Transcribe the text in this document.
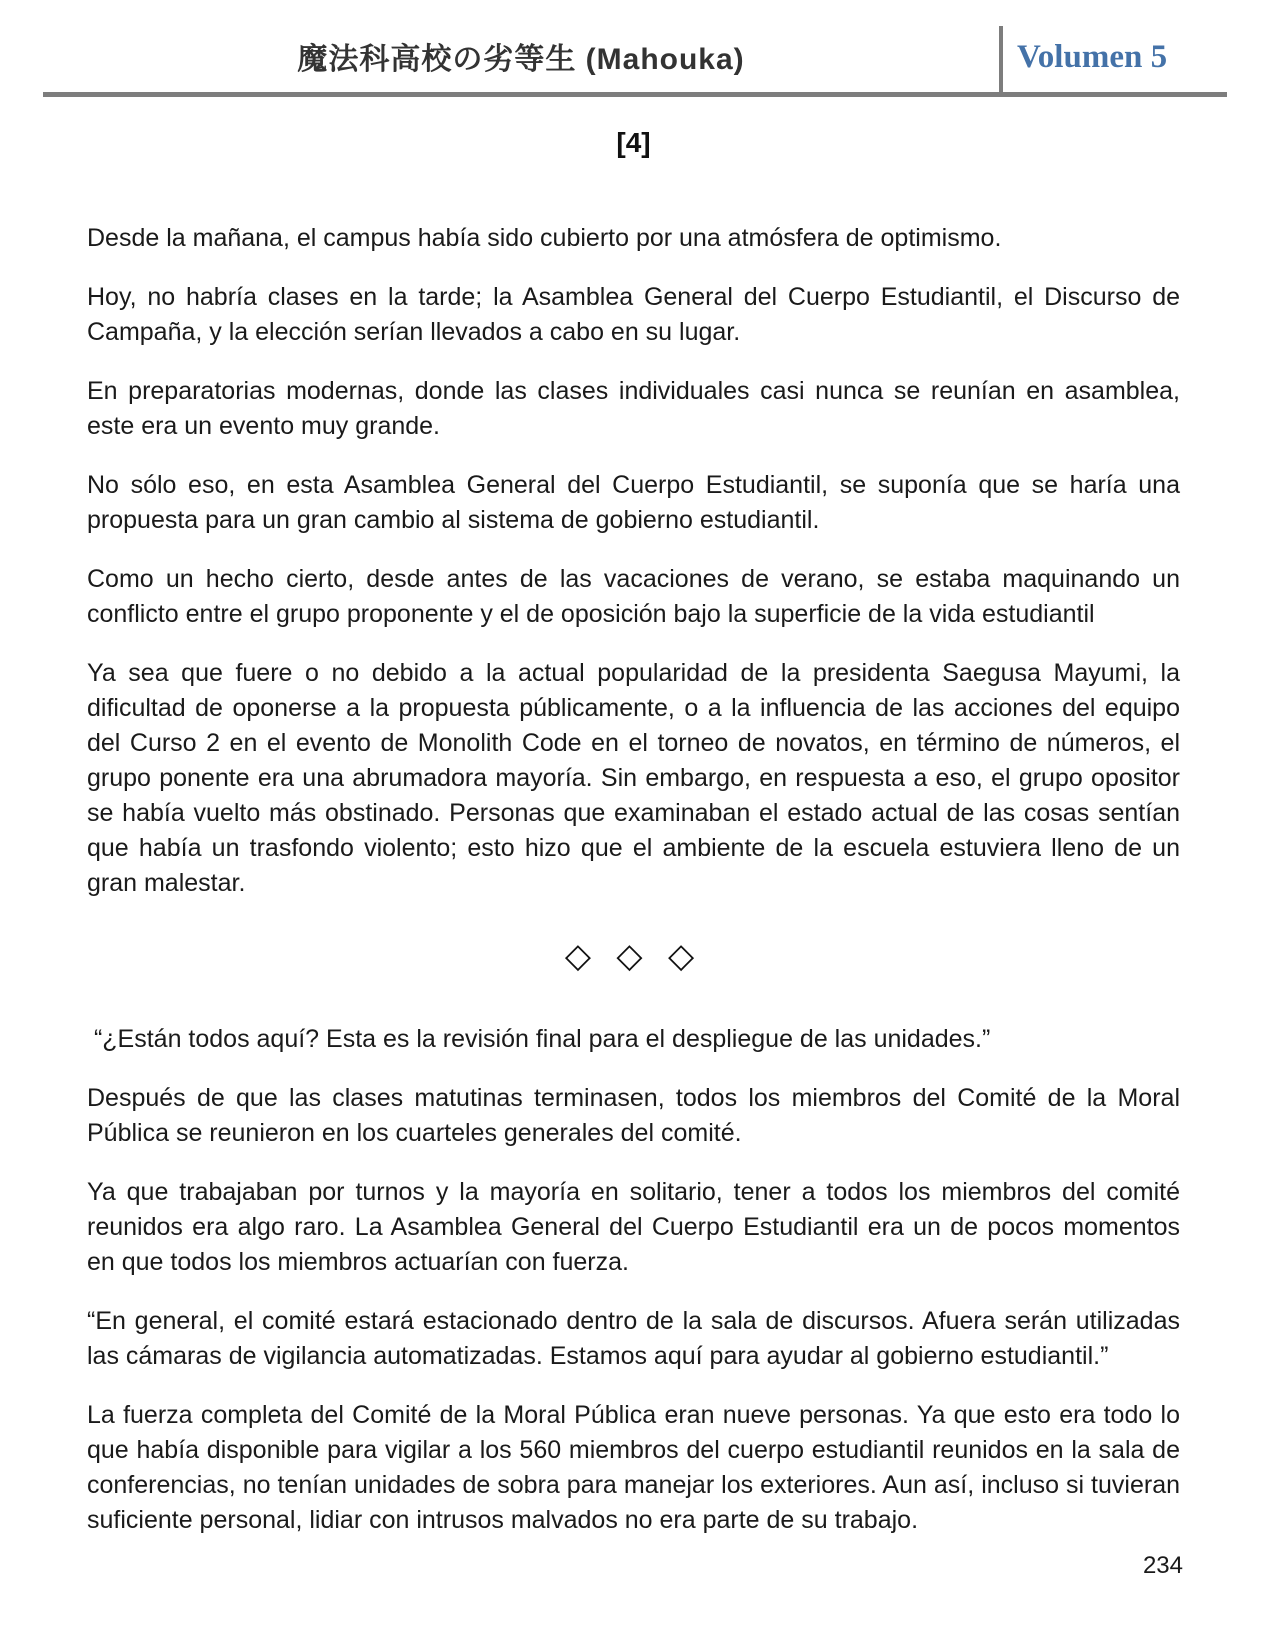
魔法科高校の劣等生 (Mahouka)	Volumen 5
[4]

Desde la mañana, el campus había sido cubierto por una atmósfera de optimismo.

Hoy, no habría clases en la tarde; la Asamblea General del Cuerpo Estudiantil, el Discurso de Campaña, y la elección serían llevados a cabo en su lugar.

En preparatorias modernas, donde las clases individuales casi nunca se reunían en asamblea, este era un evento muy grande.

No sólo eso, en esta Asamblea General del Cuerpo Estudiantil, se suponía que se haría una propuesta para un gran cambio al sistema de gobierno estudiantil.

Como un hecho cierto, desde antes de las vacaciones de verano, se estaba maquinando un conflicto entre el grupo proponente y el de oposición bajo la superficie de la vida estudiantil

Ya sea que fuere o no debido a la actual popularidad de la presidenta Saegusa Mayumi, la dificultad de oponerse a la propuesta públicamente, o a la influencia de las acciones del equipo del Curso 2 en el evento de Monolith Code en el torneo de novatos, en término de números, el grupo ponente era una abrumadora mayoría. Sin embargo, en respuesta a eso, el grupo opositor se había vuelto más obstinado. Personas que examinaban el estado actual de las cosas sentían que había un trasfondo violento; esto hizo que el ambiente de la escuela estuviera lleno de un gran malestar.

◇ ◇ ◇

“¿Están todos aquí? Esta es la revisión final para el despliegue de las unidades.”

Después de que las clases matutinas terminasen, todos los miembros del Comité de la Moral Pública se reunieron en los cuarteles generales del comité.

Ya que trabajaban por turnos y la mayoría en solitario, tener a todos los miembros del comité reunidos era algo raro. La Asamblea General del Cuerpo Estudiantil era un de pocos momentos en que todos los miembros actuarían con fuerza.

“En general, el comité estará estacionado dentro de la sala de discursos. Afuera serán utilizadas las cámaras de vigilancia automatizadas. Estamos aquí para ayudar al gobierno estudiantil.”

La fuerza completa del Comité de la Moral Pública eran nueve personas. Ya que esto era todo lo que había disponible para vigilar a los 560 miembros del cuerpo estudiantil reunidos en la sala de conferencias, no tenían unidades de sobra para manejar los exteriores. Aun así, incluso si tuvieran suficiente personal, lidiar con intrusos malvados no era parte de su trabajo.

234
